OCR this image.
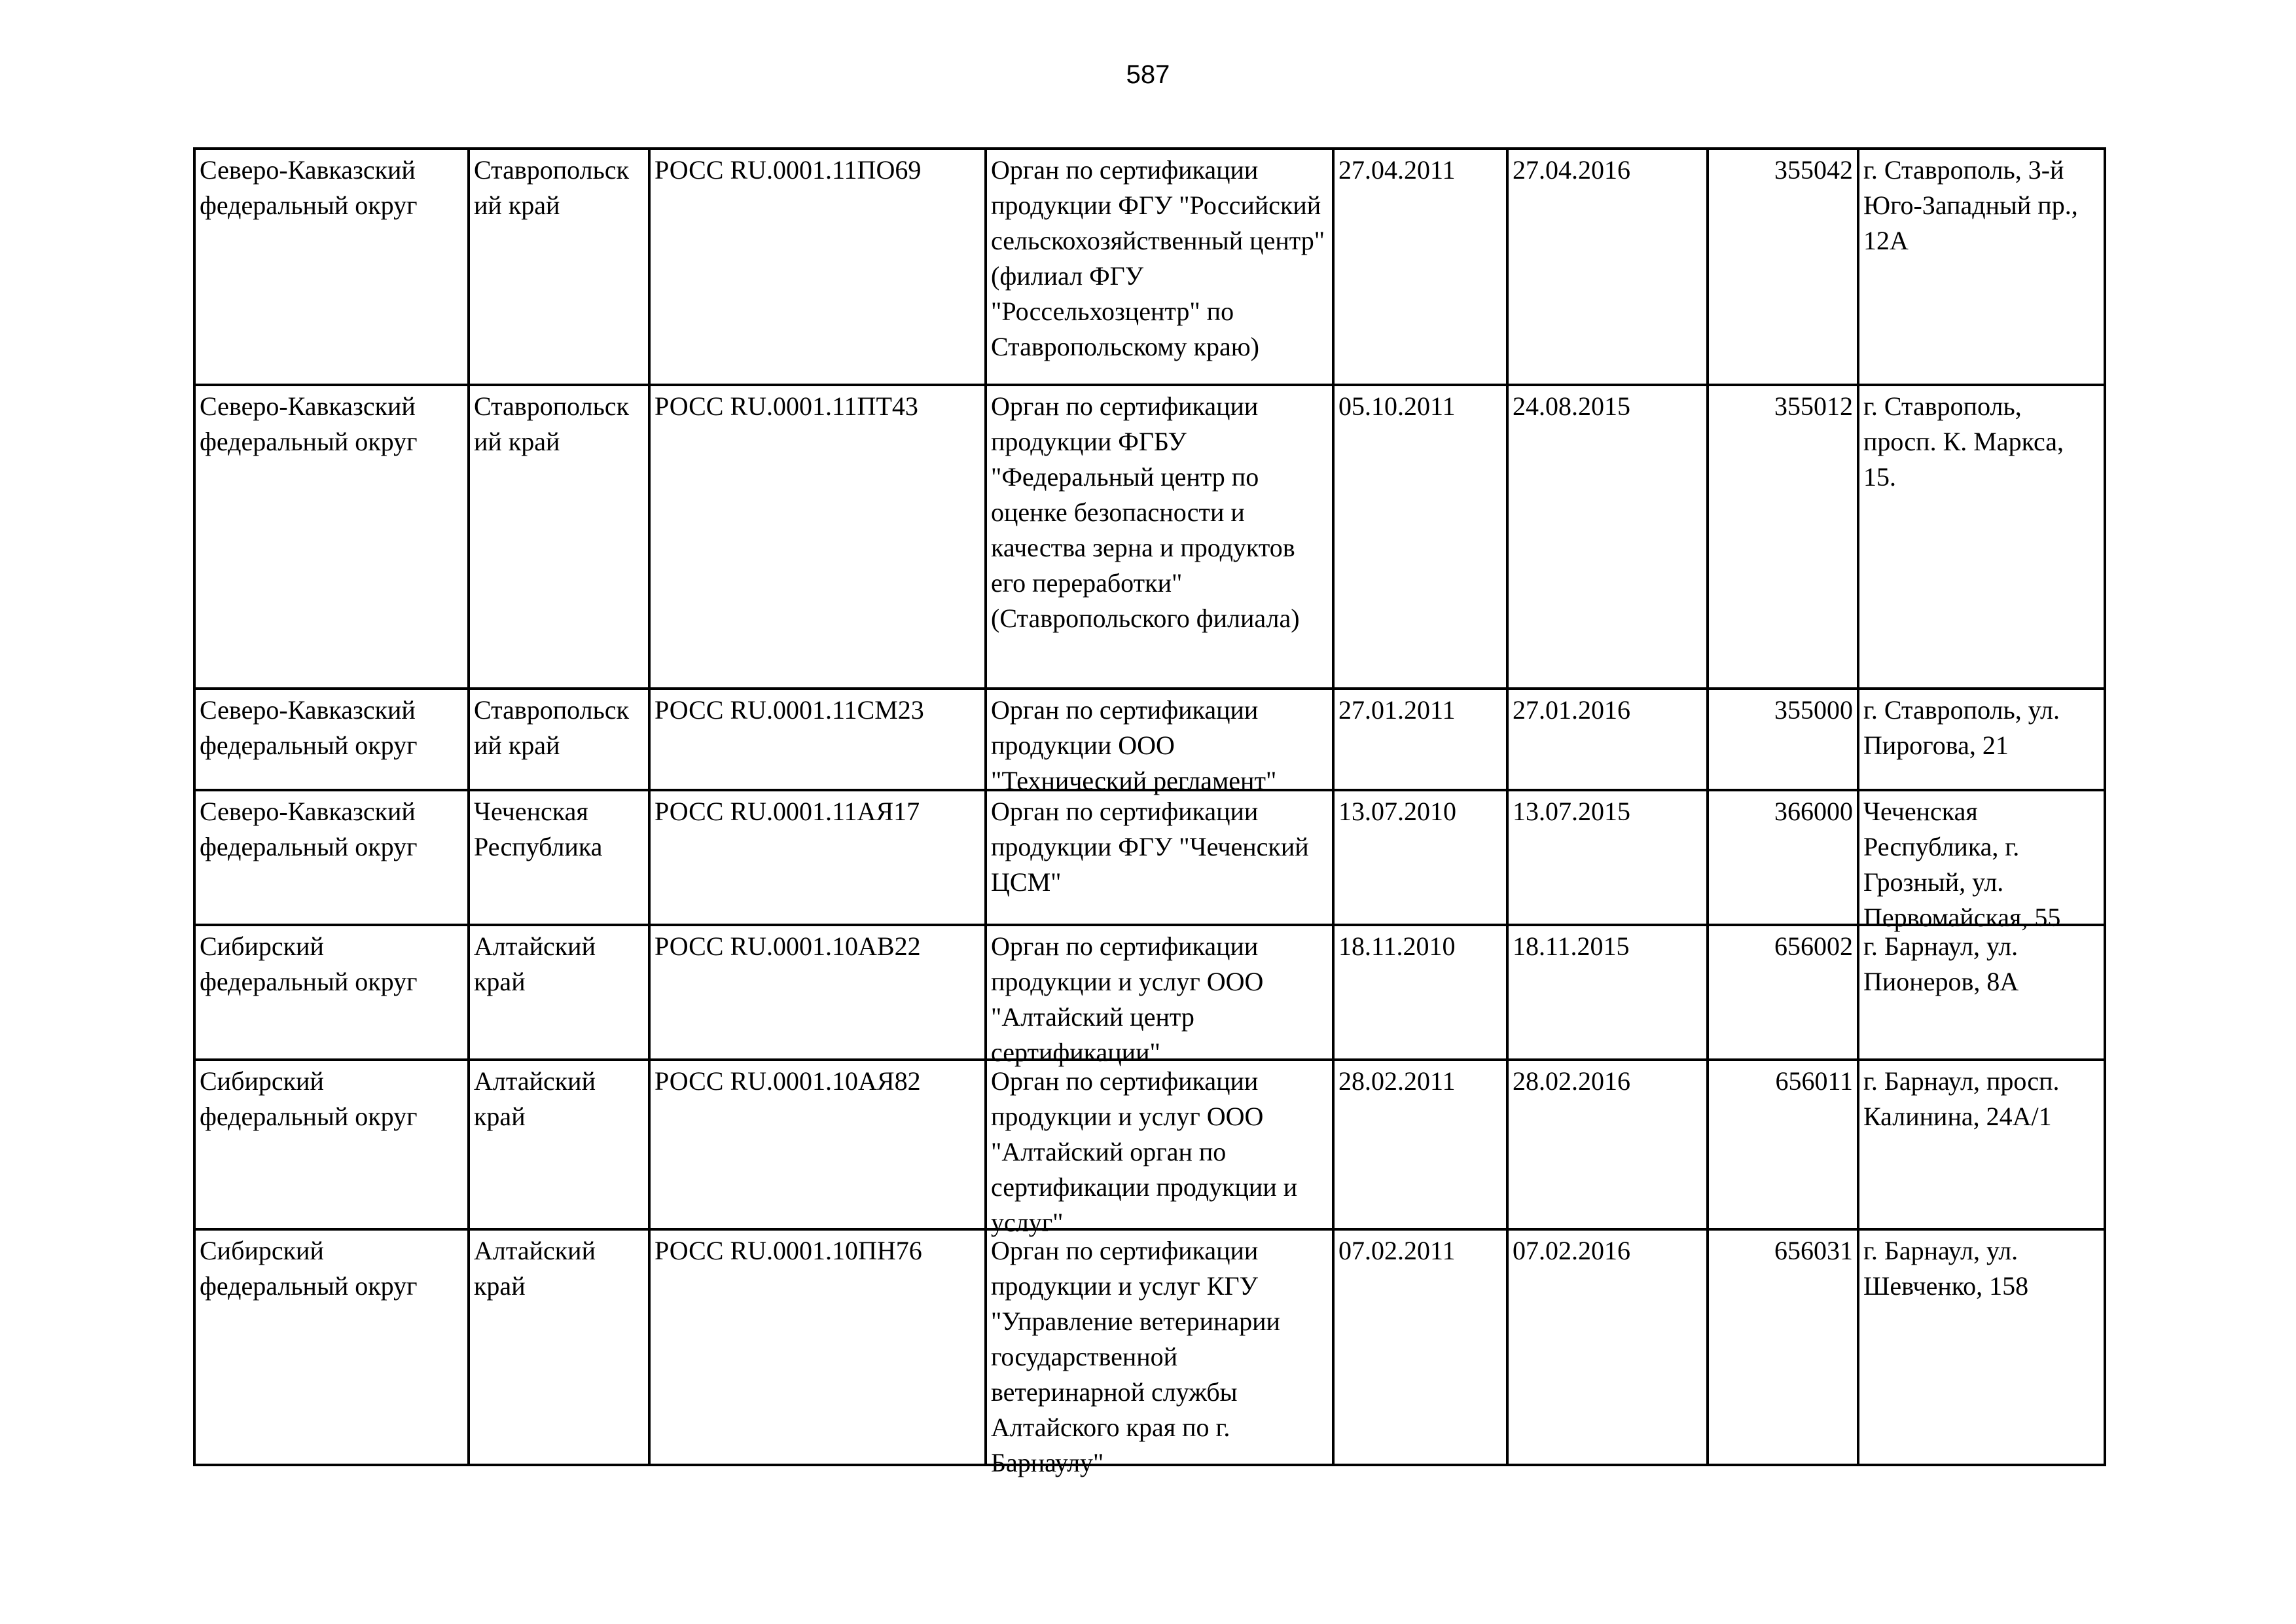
587
Северо-Кавказский федеральный округ	Ставропольск ий край	РОСС RU.0001.11ПО69	Орган по сертификации продукции ФГУ "Российский сельскохозяйственный центр" (филиал ФГУ "Россельхозцентр" по Ставропольскому краю)	27.04.2011	27.04.2016	355042	г. Ставрополь, 3-й Юго-Западный пр., 12А

Северо-Кавказский федеральный округ	Ставропольск ий край	РОСС RU.0001.11ПТ43	Орган по сертификации продукции ФГБУ "Федеральный центр по оценке безопасности и качества зерна и продуктов его переработки" (Ставропольского филиала)	05.10.2011	24.08.2015	355012	г. Ставрополь, просп. К. Маркса, 15.

Северо-Кавказский федеральный округ	Ставропольск ий край	РОСС RU.0001.11СМ23	Орган по сертификации продукции ООО "Технический регламент"	27.01.2011	27.01.2016	355000	г. Ставрополь, ул. Пирогова, 21

Северо-Кавказский федеральный округ	Чеченская Республика	РОСС RU.0001.11АЯ17	Орган по сертификации продукции ФГУ "Чеченский ЦСМ"	13.07.2010	13.07.2015	366000	Чеченская Республика, г. Грозный, ул. Первомайская, 55

Сибирский федеральный округ	Алтайский край	РОСС RU.0001.10АВ22	Орган по сертификации продукции и услуг ООО "Алтайский центр сертификации"	18.11.2010	18.11.2015	656002	г. Барнаул, ул. Пионеров, 8А

Сибирский федеральный округ	Алтайский край	РОСС RU.0001.10АЯ82	Орган по сертификации продукции и услуг ООО "Алтайский орган по сертификации продукции и услуг"	28.02.2011	28.02.2016	656011	г. Барнаул, просп. Калинина, 24А/1

Сибирский федеральный округ	Алтайский край	РОСС RU.0001.10ПН76	Орган по сертификации продукции и услуг КГУ "Управление ветеринарии государственной ветеринарной службы Алтайского края по г. Барнаулу"	07.02.2011	07.02.2016	656031	г. Барнаул, ул. Шевченко, 158
